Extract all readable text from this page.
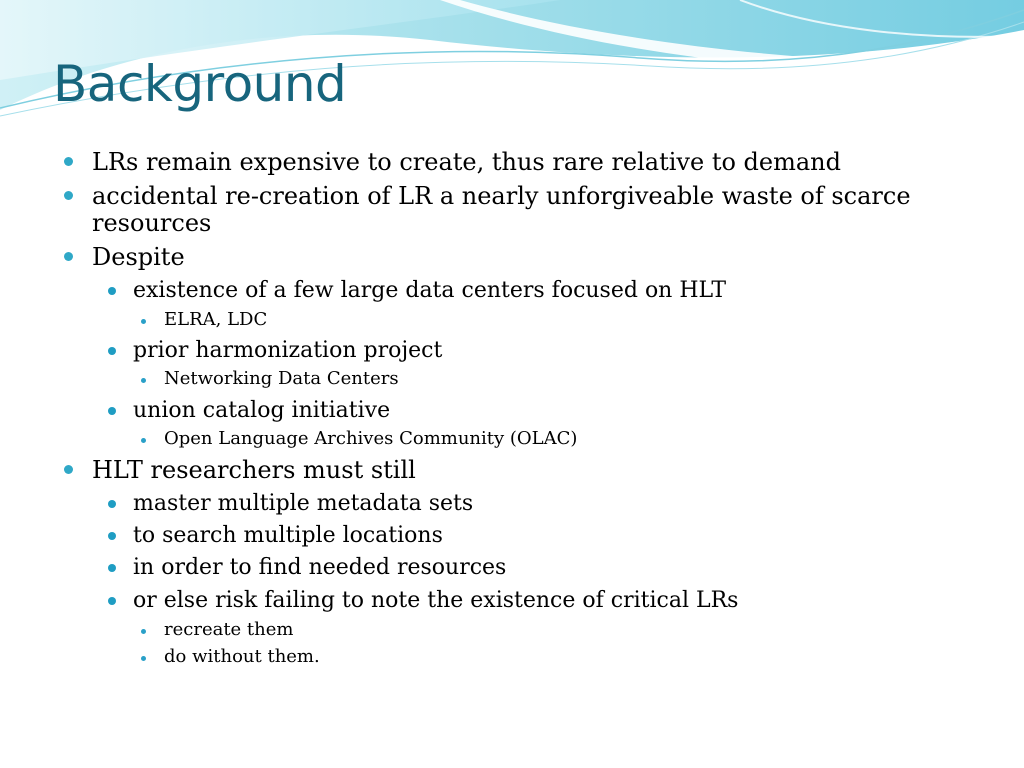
Background

LRs remain expensive to create, thus rare relative to demand

accidental re-creation of LR a nearly unforgiveable waste of scarce

resources

Despite

existence of a few large data centers focused on HLT

ELRA, LDC

prior harmonization project

Networking Data Centers

union catalog initiative

Open Language Archives Community (OLAC)

HLT researchers must still

master multiple metadata sets

to search multiple locations

in order to find needed resources

or else risk failing to note the existence of critical LRs

recreate them

do without them.
